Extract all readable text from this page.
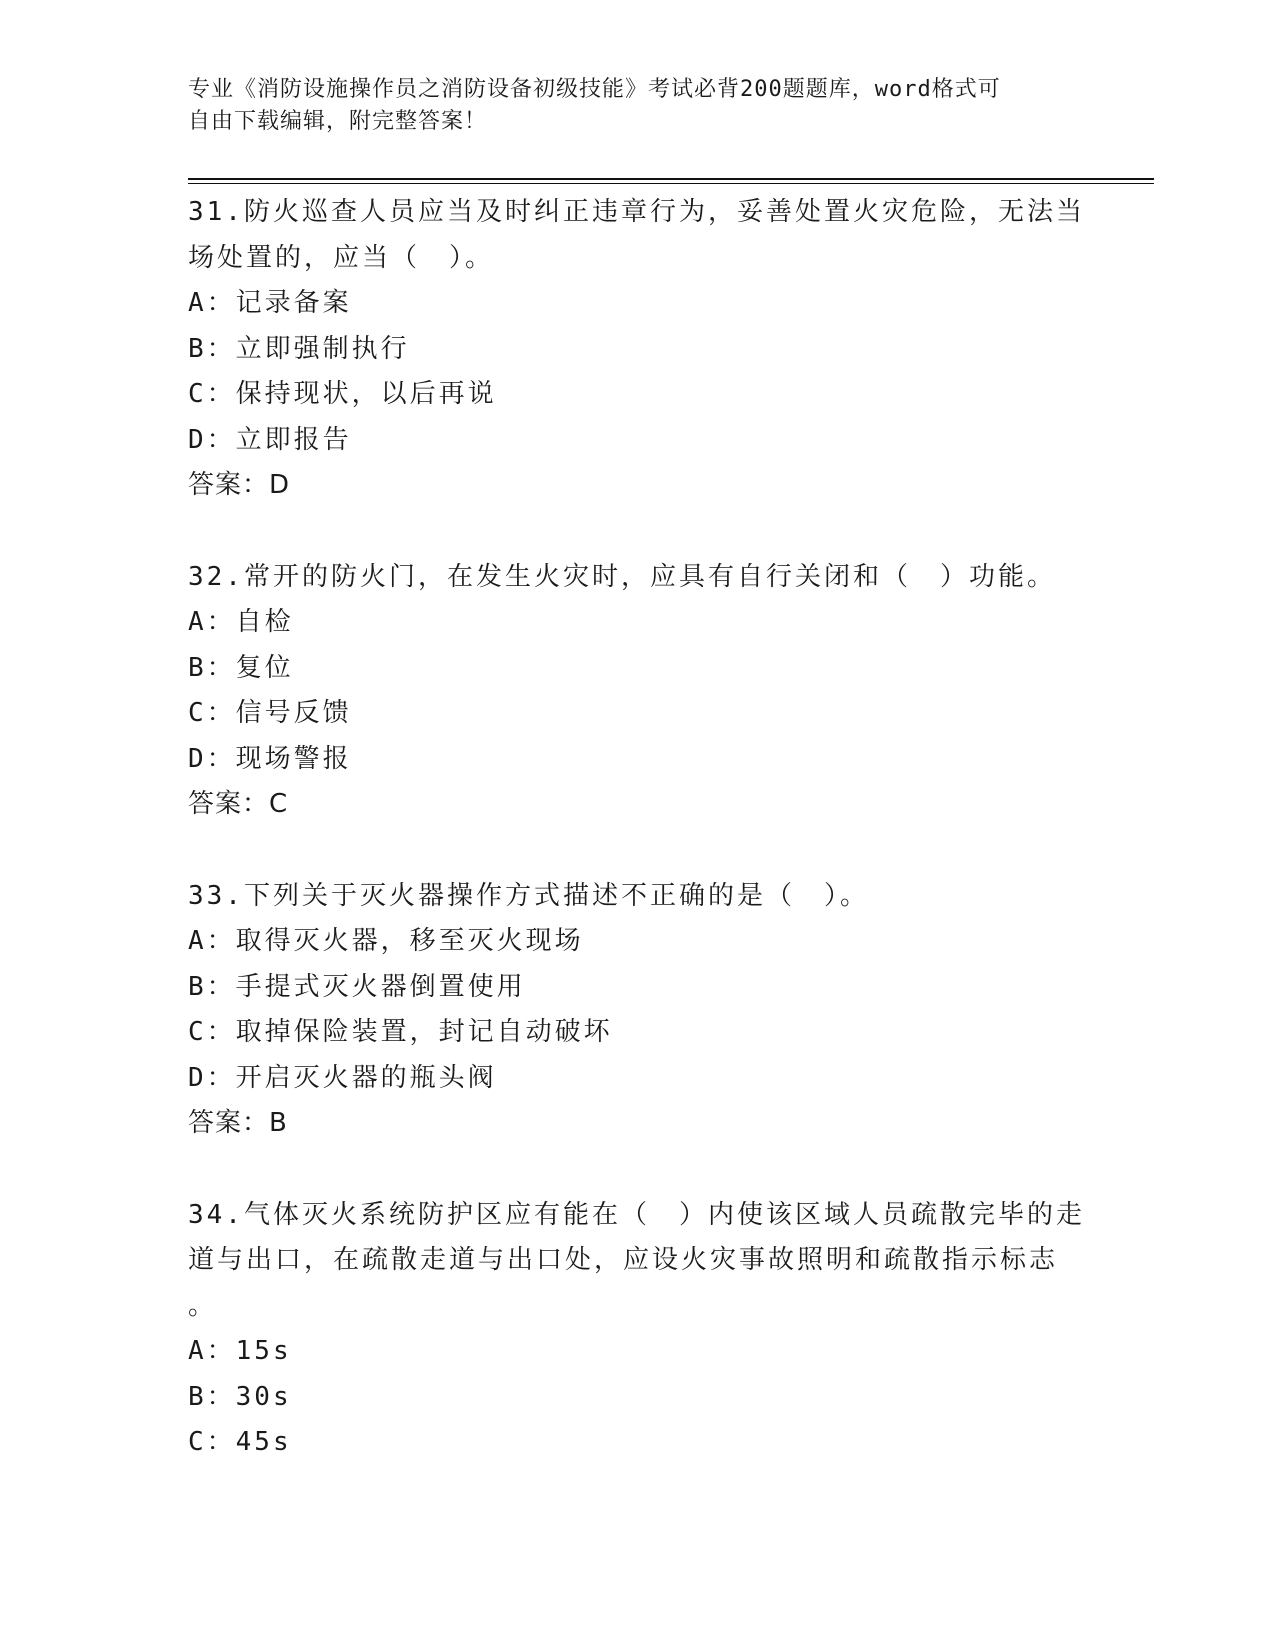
专业《消防设施操作员之消防设备初级技能》考试必背200题题库，word格式可
自由下载编辑，附完整答案！
31.防火巡查人员应当及时纠正违章行为，妥善处置火灾危险，无法当
场处置的，应当（　）。
A：记录备案
B：立即强制执行
C：保持现状，以后再说
D：立即报告
答案：D
32.常开的防火门，在发生火灾时，应具有自行关闭和（　）功能。
A：自检
B：复位
C：信号反馈
D：现场警报
答案：C
33.下列关于灭火器操作方式描述不正确的是（　）。
A：取得灭火器，移至灭火现场
B：手提式灭火器倒置使用
C：取掉保险装置，封记自动破坏
D：开启灭火器的瓶头阀
答案：B
34.气体灭火系统防护区应有能在（　）内使该区域人员疏散完毕的走
道与出口，在疏散走道与出口处，应设火灾事故照明和疏散指示标志
。
A：15s
B：30s
C：45s
